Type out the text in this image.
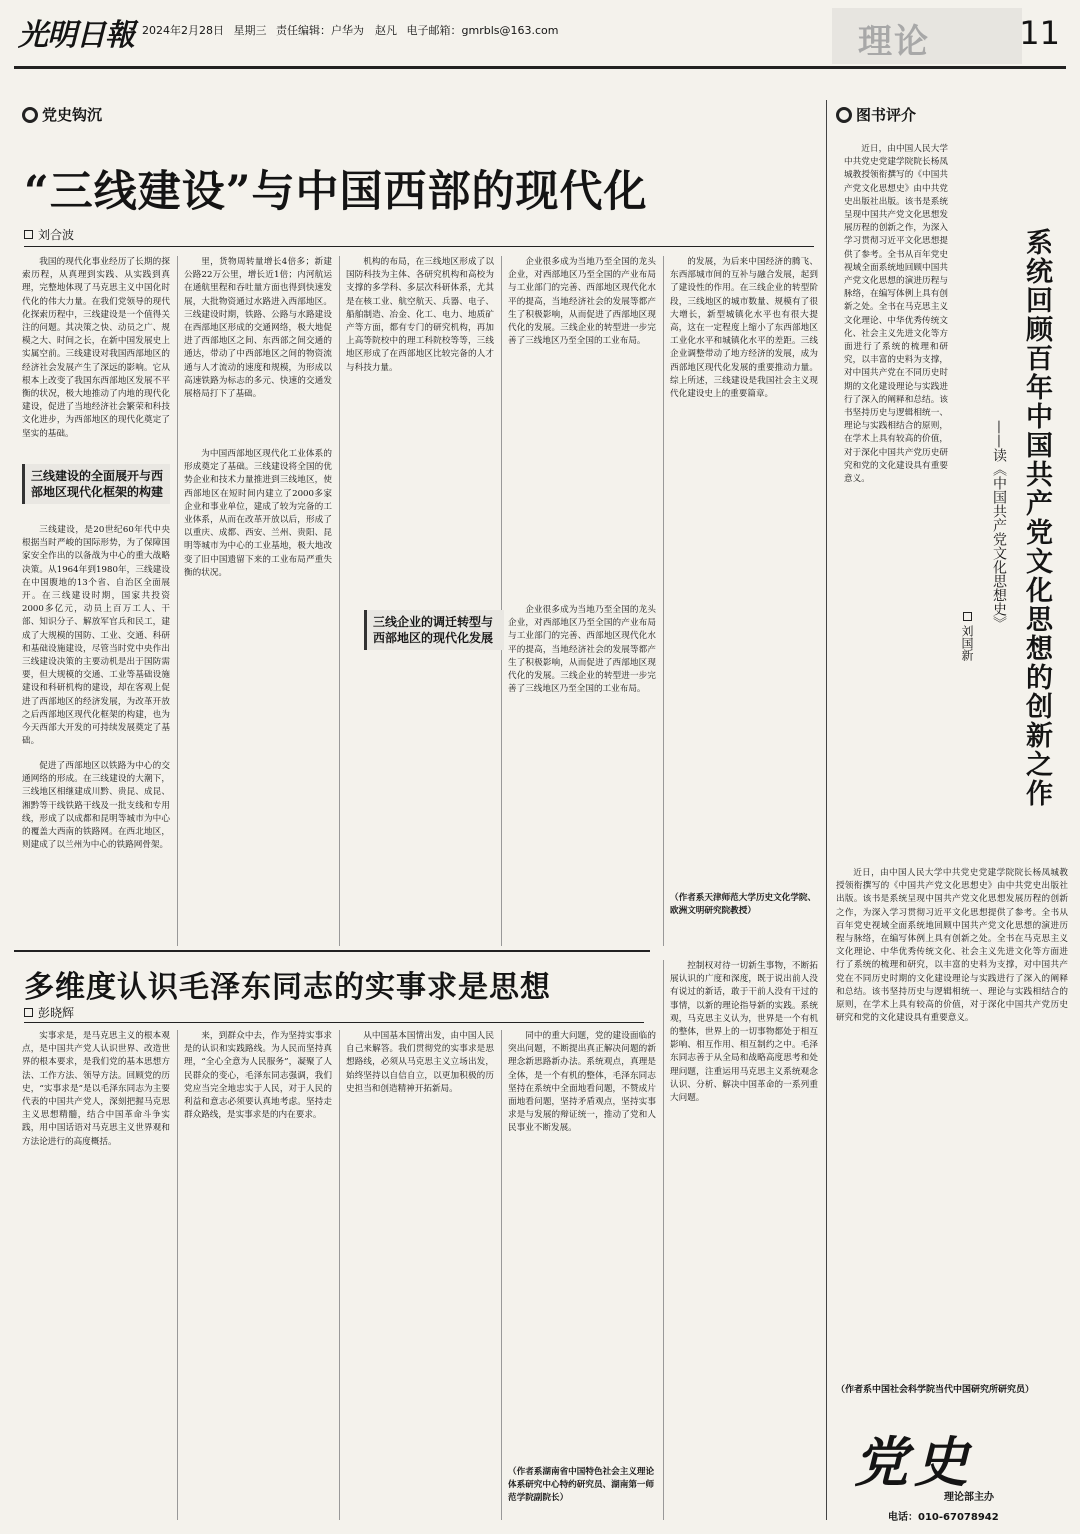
光明日報 2024年2月28日 星期三 责任编辑：户华为　赵凡 电子邮箱：gmrbls@163.com	理论	11
党史钩沉
“三线建设”与中国西部的现代化
刘合波

我国的现代化事业经历了长期的探索历程，从真理到实践、从实践到真理，完整地体现了马克思主义中国化时代化的伟大力量。在我们党领导的现代化探索历程中，三线建设是一个值得关注的问题。其决策之快、动员之广、规模之大、时间之长，在新中国发展史上实属空前。三线建设对我国西部地区的经济社会发展产生了深远的影响。它从根本上改变了我国东西部地区发展不平衡的状况，极大地推动了内地的现代化建设，促进了当地经济社会繁荣和科技文化进步，为西部地区的现代化奠定了坚实的基础。

三线建设的全面展开与西部地区现代化框架的构建

三线建设，是20世纪60年代中央根据当时严峻的国际形势，为了保障国家安全作出的以备战为中心的重大战略决策。从1964年到1980年，三线建设在中国腹地的13个省、自治区全面展开。在三线建设时期，国家共投资2000多亿元，动员上百万工人、干部、知识分子、解放军官兵和民工，建成了大规模的国防、工业、交通、科研和基础设施建设，尽管当时党中央作出三线建设决策的主要动机是出于国防需要，但大规模的交通、工业等基础设施建设和科研机构的建设，却在客观上促进了西部地区的经济发展，为改革开放之后西部地区现代化框架的构建，也为今天西部大开发的可持续发展奠定了基础。

促进了西部地区以铁路为中心的交通网络的形成。在三线建设的大潮下，三线地区相继建成川黔、贵昆、成昆、湘黔等干线铁路干线及一批支线和专用线，形成了以成都和昆明等城市为中心的覆盖大西南的铁路网。在西北地区，则建成了以兰州为中心的铁路网骨架。

里，货物周转量增长4倍多；新建公路22万公里，增长近1倍；内河航运在通航里程和吞吐量方面也得到快速发展，大批物资通过水路进入西部地区。三线建设时期，铁路、公路与水路建设在西部地区形成的交通网络，极大地促进了西部地区之间、东西部之间交通的通达，带动了中西部地区之间的物资流通与人才流动的速度和规模，为形成以高速铁路为标志的多元、快速的交通发展格局打下了基础。

为中国西部地区现代化工业体系的形成奠定了基础。三线建设将全国的优势企业和技术力量推进到三线地区，使西部地区在短时间内建立了2000多家企业和事业单位，建成了较为完备的工业体系，从而在改革开放以后，形成了以重庆、成都、西安、兰州、贵阳、昆明等城市为中心的工业基地，极大地改变了旧中国遗留下来的工业布局严重失衡的状况。

机构的布局，在三线地区形成了以国防科技为主体、各研究机构和高校为支撑的多学科、多层次科研体系，尤其是在核工业、航空航天、兵器、电子、船舶制造、冶金、化工、电力、地质矿产等方面，都有专门的研究机构，再加上高等院校中的理工科院校等等，三线地区形成了在西部地区比较完备的人才与科技力量。

企业很多成为当地乃至全国的龙头企业，对西部地区乃至全国的产业布局与工业部门的完善、西部地区现代化水平的提高，当地经济社会的发展等都产生了积极影响，从而促进了西部地区现代化的发展。三线企业的转型进一步完善了三线地区乃至全国的工业布局。

三线企业的调迁转型与西部地区的现代化发展

企业很多成为当地乃至全国的龙头企业，对西部地区乃至全国的产业布局与工业部门的完善、西部地区现代化水平的提高，当地经济社会的发展等都产生了积极影响，从而促进了西部地区现代化的发展。三线企业的转型进一步完善了三线地区乃至全国的工业布局。

的发展，为后来中国经济的腾飞、东西部城市间的互补与融合发展，起到了建设性的作用。在三线企业的转型阶段，三线地区的城市数量、规模有了很大增长，新型城镇化水平也有很大提高，这在一定程度上缩小了东西部地区工业化水平和城镇化水平的差距。三线企业调整带动了地方经济的发展，成为西部地区现代化发展的重要推动力量。综上所述，三线建设是我国社会主义现代化建设史上的重要篇章。

（作者系天津师范大学历史文化学院、欧洲文明研究院教授）
多维度认识毛泽东同志的实事求是思想
彭晓辉

实事求是，是马克思主义的根本观点，是中国共产党人认识世界、改造世界的根本要求，是我们党的基本思想方法、工作方法、领导方法。回顾党的历史，“实事求是”是以毛泽东同志为主要代表的中国共产党人，深刻把握马克思主义思想精髓，结合中国革命斗争实践，用中国话语对马克思主义世界观和方法论进行的高度概括。

来，到群众中去，作为坚持实事求是的认识和实践路线。为人民而坚持真理，“全心全意为人民服务”，凝聚了人民群众的变心，毛泽东同志强调，我们党应当完全地忠实于人民，对于人民的利益和意志必须要认真地考虑。坚持走群众路线，是实事求是的内在要求。

从中国基本国情出发，由中国人民自己来解答。我们贯彻党的实事求是思想路线，必须从马克思主义立场出发，始终坚持以自信自立，以更加积极的历史担当和创造精神开拓新局。

同中的重大问题，党的建设面临的突出问题，不断提出真正解决问题的新理念新思路新办法。系统观点，真理是全体，是一个有机的整体，毛泽东同志坚持在系统中全面地看问题，不赞成片面地看问题，坚持矛盾观点，坚持实事求是与发展的辩证统一，推动了党和人民事业不断发展。

（作者系湖南省中国特色社会主义理论体系研究中心特约研究员、湖南第一师范学院副院长）

控制权对待一切新生事物，不断拓展认识的广度和深度，既于说出前人没有说过的新话，敢于干前人没有干过的事情，以新的理论指导新的实践。系统观，马克思主义认为，世界是一个有机的整体，世界上的一切事物都处于相互影响、相互作用、相互制约之中。毛泽东同志善于从全局和战略高度思考和处理问题，注重运用马克思主义系统观念认识、分析、解决中国革命的一系列重大问题。

图书评介
系统回顾百年中国共产党文化思想的创新之作
——读《中国共产党文化思想史》
刘国新

近日，由中国人民大学中共党史党建学院院长杨凤城教授领衔撰写的《中国共产党文化思想史》由中共党史出版社出版。该书是系统呈现中国共产党文化思想发展历程的创新之作，为深入学习贯彻习近平文化思想提供了参考。全书从百年党史视域全面系统地回顾中国共产党文化思想的演进历程与脉络，在编写体例上具有创新之处。全书在马克思主义文化理论、中华优秀传统文化、社会主义先进文化等方面进行了系统的梳理和研究，以丰富的史料为支撑，对中国共产党在不同历史时期的文化建设理论与实践进行了深入的阐释和总结。该书坚持历史与逻辑相统一、理论与实践相结合的原则，在学术上具有较高的价值，对于深化中国共产党历史研究和党的文化建设具有重要意义。

近日，由中国人民大学中共党史党建学院院长杨凤城教授领衔撰写的《中国共产党文化思想史》由中共党史出版社出版。该书是系统呈现中国共产党文化思想发展历程的创新之作，为深入学习贯彻习近平文化思想提供了参考。全书从百年党史视域全面系统地回顾中国共产党文化思想的演进历程与脉络，在编写体例上具有创新之处。全书在马克思主义文化理论、中华优秀传统文化、社会主义先进文化等方面进行了系统的梳理和研究，以丰富的史料为支撑，对中国共产党在不同历史时期的文化建设理论与实践进行了深入的阐释和总结。该书坚持历史与逻辑相统一、理论与实践相结合的原则，在学术上具有较高的价值，对于深化中国共产党历史研究和党的文化建设具有重要意义。

（作者系中国社会科学院当代中国研究所研究员）
党史
理论部主办
电话：010-67078942
